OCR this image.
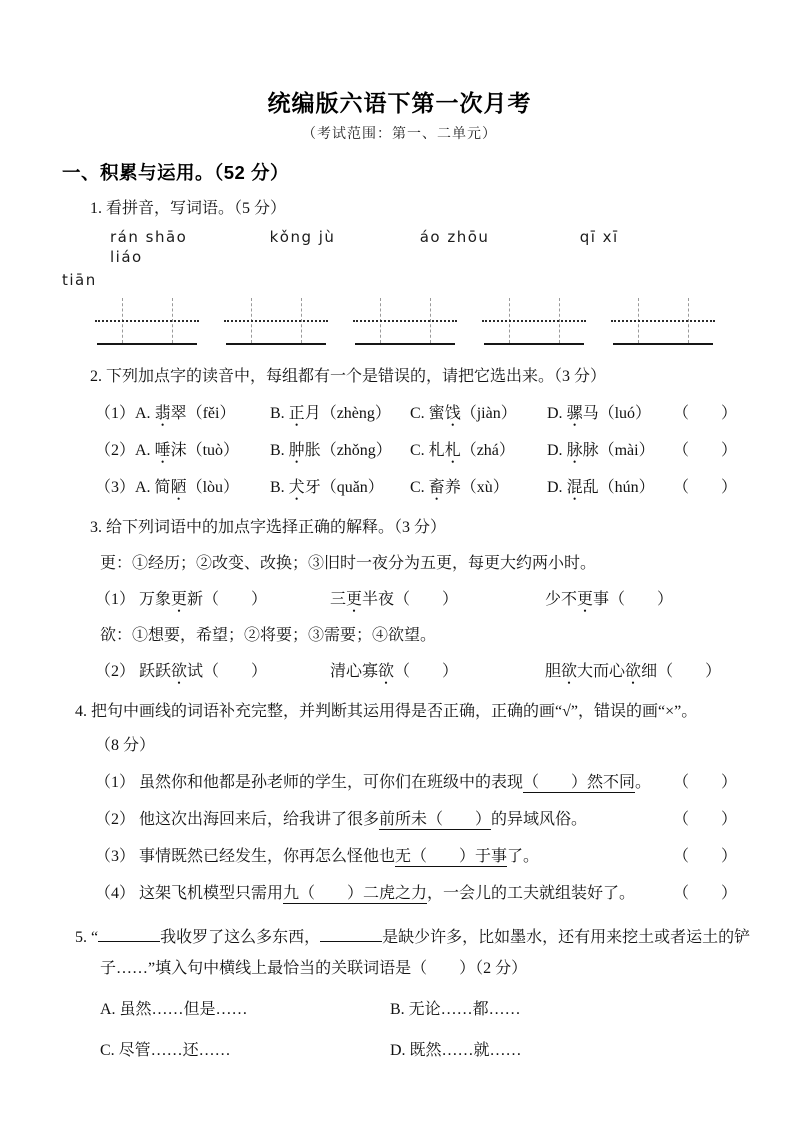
统编版六语下第一次月考
（考试范围：第一、二单元）
一、积累与运用。（52 分）
1. 看拼音，写词语。（5 分）
rán shāo	kǒng jù	áo zhōu	qī xī liáo
tiān
2. 下列加点字的读音中，每组都有一个是错误的，请把它选出来。（3 分）
（1）A. 翡翠（fěi）	B. 正月（zhèng）	C. 蜜饯（jiàn）	D. 骡马（luó） （　　）
（2）A. 唾沫（tuò）	B. 肿胀（zhǒng）	C. 札札（zhá）	D. 脉脉（mài） （　　）
（3）A. 简陋（lòu）	B. 犬牙（quǎn）	C. 畜养（xù）	D. 混乱（hún） （　　）
3. 给下列词语中的加点字选择正确的解释。（3 分）
更：①经历；②改变、改换；③旧时一夜分为五更，每更大约两小时。
（1） 万象更新（　　）	三更半夜（　　）	少不更事（　　）
欲：①想要，希望；②将要；③需要；④欲望。
（2） 跃跃欲试（　　）	清心寡欲（　　）	胆欲大而心欲细（　　）
4. 把句中画线的词语补充完整，并判断其运用得是否正确，正确的画“√”，错误的画“×”。
（8 分）
（1） 虽然你和他都是孙老师的学生，可你们在班级中的表现（　　）然不同。	（　　）
（2） 他这次出海回来后，给我讲了很多前所未（　　）的异域风俗。	（　　）
（3） 事情既然已经发生，你再怎么怪他也无（　　）于事了。	（　　）
（4） 这架飞机模型只需用九（　　）二虎之力，一会儿的工夫就组装好了。	（　　）
5. “	我收罗了这么多东西，	是缺少许多，比如墨水，还有用来挖土或者运土的铲子……”填入句中横线上最恰当的关联词语是（　　）（2 分）
A. 虽然……但是……	B. 无论……都……
C. 尽管……还……	D. 既然……就……
